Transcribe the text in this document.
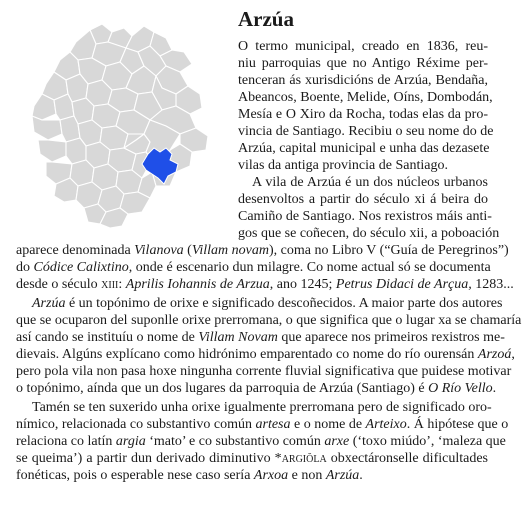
Arzúa
O termo municipal, creado en 1836, reu-
niu parroquias que no Antigo Réxime per-
tenceran ás xurisdicións de Arzúa, Bendaña,
Abeancos, Boente, Melide, Oíns, Dombodán,
Mesía e O Xiro da Rocha, todas elas da pro-
vincia de Santiago. Recibiu o seu nome do de
Arzúa, capital municipal e unha das dezasete
vilas da antiga provincia de Santiago.
A vila de Arzúa é un dos núcleos urbanos
desenvoltos a partir do século xi á beira do
Camiño de Santiago. Nos rexistros máis anti-
gos que se coñecen, do século xii, a poboación
aparece denominada Vilanova (Villam novam), coma no Libro V (“Guía de Peregrinos”)
do Códice Calixtino, onde é escenario dun milagre. Co nome actual só se documenta
desde o século xiii: Aprilis Iohannis de Arzua, ano 1245; Petrus Didaci de Arçua, 1283...
Arzúa é un topónimo de orixe e significado descoñecidos. A maior parte dos autores
que se ocuparon del suponlle orixe prerromana, o que significa que o lugar xa se chamaría
así cando se instituíu o nome de Villam Novam que aparece nos primeiros rexistros me-
dievais. Algúns explícano como hidrónimo emparentado co nome do río ourensán Arzoá,
pero pola vila non pasa hoxe ningunha corrente fluvial significativa que puidese motivar
o topónimo, aínda que un dos lugares da parroquia de Arzúa (Santiago) é O Río Vello.
Tamén se ten suxerido unha orixe igualmente prerromana pero de significado oro-
nímico, relacionada co substantivo común artesa e o nome de Arteixo. Á hipótese que o
relaciona co latín argia ‘mato’ e co substantivo común arxe (‘toxo miúdo’, ‘maleza que
se queima’) a partir dun derivado diminutivo *argiŏla obxectáronselle dificultades
fonéticas, pois o esperable nese caso sería Arxoa e non Arzúa.
